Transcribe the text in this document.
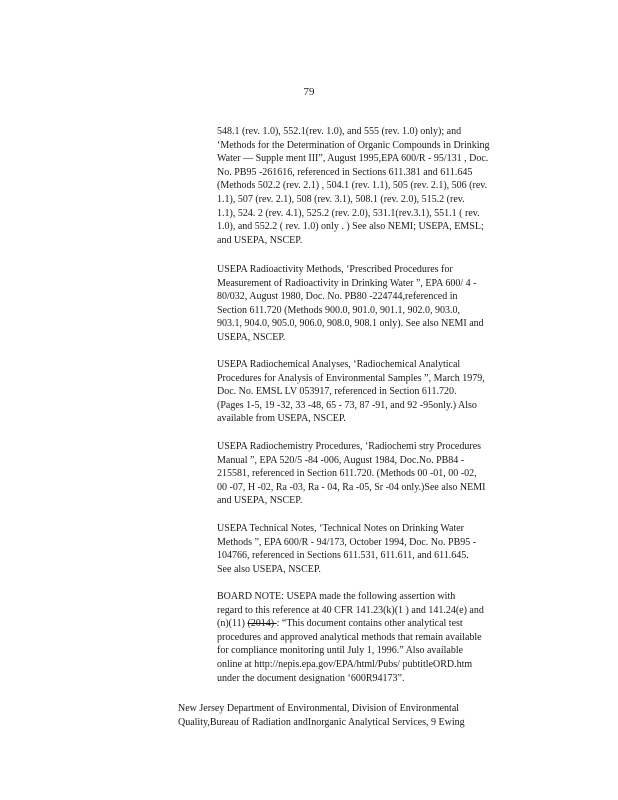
79
548.1 (rev. 1.0), 552.1(rev. 1.0), and 555 (rev. 1.0) only); and
‘Methods for the Determination of Organic Compounds in Drinking
Water — Supple ment III”, August 1995,EPA 600/R - 95/131 , Doc.
No. PB95 -261616, referenced in Sections 611.381 and 611.645
(Methods 502.2 (rev. 2.1) , 504.1 (rev. 1.1), 505 (rev. 2.1), 506 (rev.
1.1), 507 (rev. 2.1), 508 (rev. 3.1), 508.1 (rev. 2.0), 515.2 (rev.
1.1), 524. 2 (rev. 4.1), 525.2 (rev. 2.0), 531.1(rev.3.1), 551.1 ( rev.
1.0), and 552.2 ( rev. 1.0) only . ) See also NEMI; USEPA, EMSL;
and USEPA, NSCEP.
USEPA Radioactivity Methods, ‘Prescribed Procedures for
Measurement of Radioactivity in Drinking Water ”, EPA 600/ 4 -
80/032, August 1980, Doc. No. PB80 -224744,referenced in
Section 611.720 (Methods 900.0, 901.0, 901.1, 902.0, 903.0,
903.1, 904.0, 905.0, 906.0, 908.0, 908.1 only). See also NEMI and
USEPA, NSCEP.
USEPA Radiochemical Analyses, ‘Radiochemical Analytical
Procedures for Analysis of Environmental Samples ”, March 1979,
Doc. No. EMSL LV 053917, referenced in Section 611.720.
(Pages 1-5, 19 -32, 33 -48, 65 - 73, 87 -91, and 92 -95only.) Also
available from USEPA, NSCEP.
USEPA Radiochemistry Procedures, ‘Radiochemi stry Procedures
Manual ”, EPA 520/5 -84 -006, August 1984, Doc.No. PB84 -
215581, referenced in Section 611.720. (Methods 00 -01, 00 -02,
00 -07, H -02, Ra -03, Ra - 04, Ra -05, Sr -04 only.)See also NEMI
and USEPA, NSCEP.
USEPA Technical Notes, ‘Technical Notes on Drinking Water
Methods ”, EPA 600/R - 94/173, October 1994, Doc. No. PB95 -
104766, referenced in Sections 611.531, 611.611, and 611.645.
See also USEPA, NSCEP.
BOARD NOTE: USEPA made the following assertion with
regard to this reference at 40 CFR 141.23(k)(1 ) and 141.24(e) and
(n)(11) (2014) : “This document contains other analytical test
procedures and approved analytical methods that remain available
for compliance monitoring until July 1, 1996.” Also available
online at http://nepis.epa.gov/EPA/html/Pubs/ pubtitleORD.htm
under the document designation ‘600R94173”.
New Jersey Department of Environmental, Division of Environmental
Quality,Bureau of Radiation andInorganic Analytical Services, 9 Ewing
